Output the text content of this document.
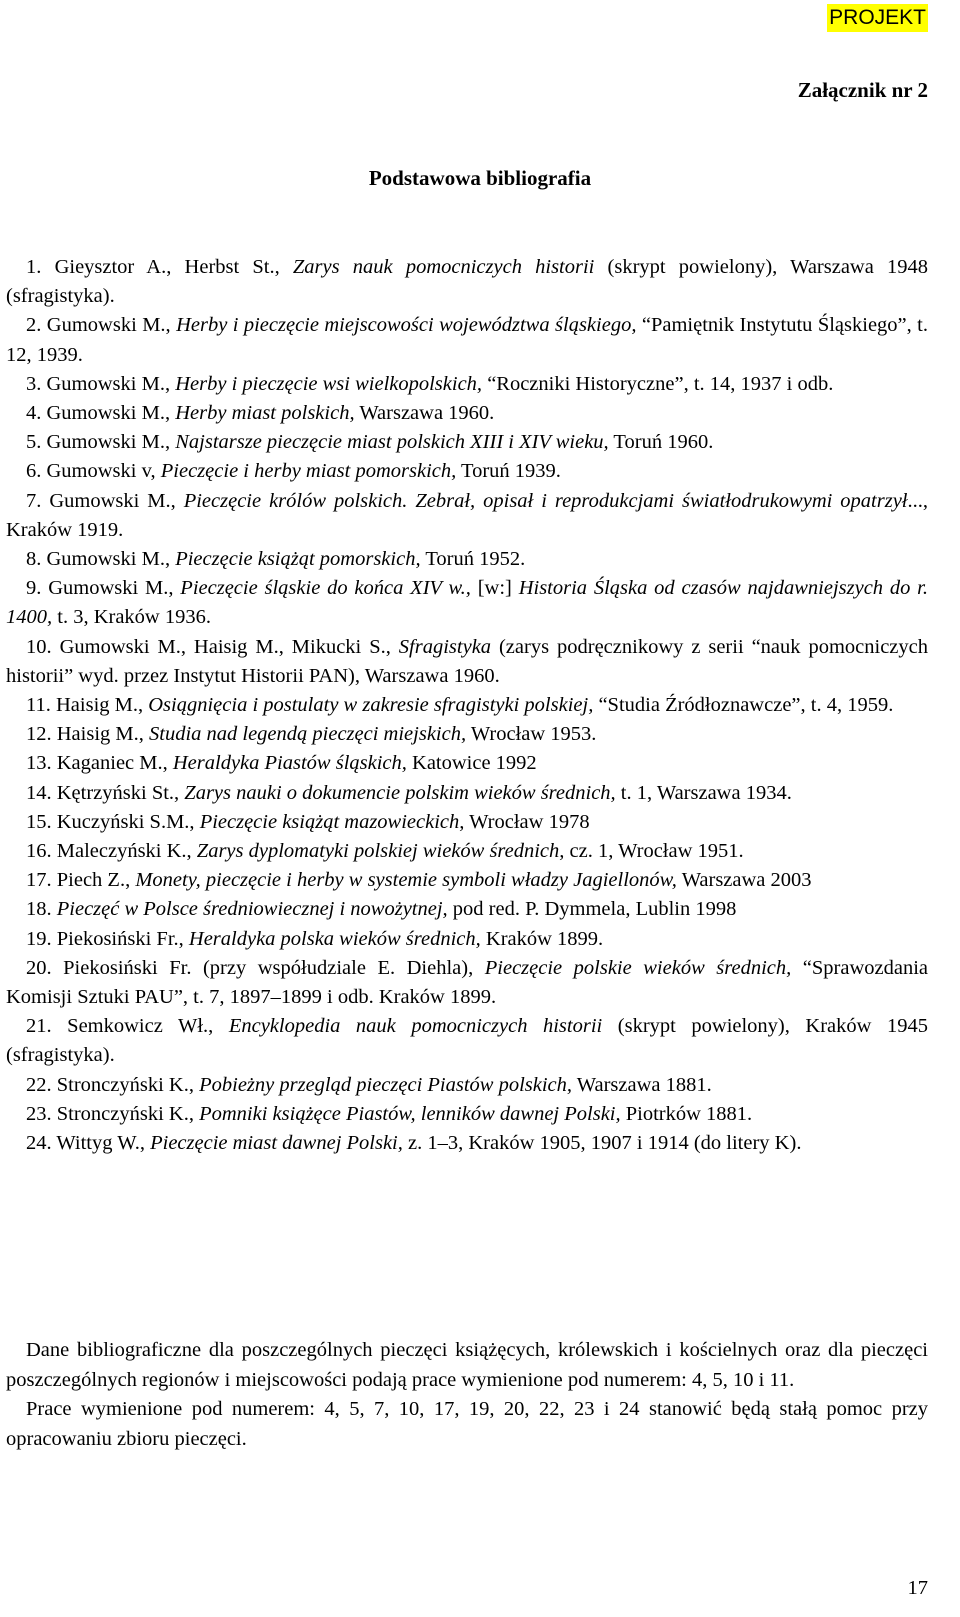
PROJEKT
Załącznik nr 2
Podstawowa bibliografia

1. Gieysztor A., Herbst St., Zarys nauk pomocniczych historii (skrypt powielony), Warszawa 1948 (sfragistyka).

2. Gumowski M., Herby i pieczęcie miejscowości województwa śląskiego, “Pamiętnik Instytutu Śląskiego”, t. 12, 1939.

3. Gumowski M., Herby i pieczęcie wsi wielkopolskich, “Roczniki Historyczne”, t. 14, 1937 i odb.

4. Gumowski M., Herby miast polskich, Warszawa 1960.

5. Gumowski M., Najstarsze pieczęcie miast polskich XIII i XIV wieku, Toruń 1960.

6. Gumowski v, Pieczęcie i herby miast pomorskich, Toruń 1939.

7. Gumowski M., Pieczęcie królów polskich. Zebrał, opisał i reprodukcjami światłodrukowymi opatrzył..., Kraków 1919.

8. Gumowski M., Pieczęcie książąt pomorskich, Toruń 1952.

9. Gumowski M., Pieczęcie śląskie do końca XIV w., [w:] Historia Śląska od czasów najdawniejszych do r. 1400, t. 3, Kraków 1936.

10. Gumowski M., Haisig M., Mikucki S., Sfragistyka (zarys podręcznikowy z serii “nauk pomocniczych historii” wyd. przez Instytut Historii PAN), Warszawa 1960.

11. Haisig M., Osiągnięcia i postulaty w zakresie sfragistyki polskiej, “Studia Źródłoznawcze”, t. 4, 1959.

12. Haisig M., Studia nad legendą pieczęci miejskich, Wrocław 1953.

13. Kaganiec M., Heraldyka Piastów śląskich, Katowice 1992

14. Kętrzyński St., Zarys nauki o dokumencie polskim wieków średnich, t. 1, Warszawa 1934.

15. Kuczyński S.M., Pieczęcie książąt mazowieckich, Wrocław 1978

16. Maleczyński K., Zarys dyplomatyki polskiej wieków średnich, cz. 1, Wrocław 1951.

17. Piech Z., Monety, pieczęcie i herby w systemie symboli władzy Jagiellonów, Warszawa 2003

18. Pieczęć w Polsce średniowiecznej i nowożytnej, pod red. P. Dymmela, Lublin 1998

19. Piekosiński Fr., Heraldyka polska wieków średnich, Kraków 1899.

20. Piekosiński Fr. (przy współudziale E. Diehla), Pieczęcie polskie wieków średnich, “Sprawozdania Komisji Sztuki PAU”, t. 7, 1897–1899 i odb. Kraków 1899.

21. Semkowicz Wł., Encyklopedia nauk pomocniczych historii (skrypt powielony), Kraków 1945 (sfragistyka).

22. Stronczyński K., Pobieżny przegląd pieczęci Piastów polskich, Warszawa 1881.

23. Stronczyński K., Pomniki książęce Piastów, lenników dawnej Polski, Piotrków 1881.

24. Wittyg W., Pieczęcie miast dawnej Polski, z. 1–3, Kraków 1905, 1907 i 1914 (do litery K).

Dane bibliograficzne dla poszczególnych pieczęci książęcych, królewskich i kościelnych oraz dla pieczęci poszczególnych regionów i miejscowości podają prace wymienione pod numerem: 4, 5, 10 i 11.

Prace wymienione pod numerem: 4, 5, 7, 10, 17, 19, 20, 22, 23 i 24 stanowić będą stałą pomoc przy opracowaniu zbioru pieczęci.

17
